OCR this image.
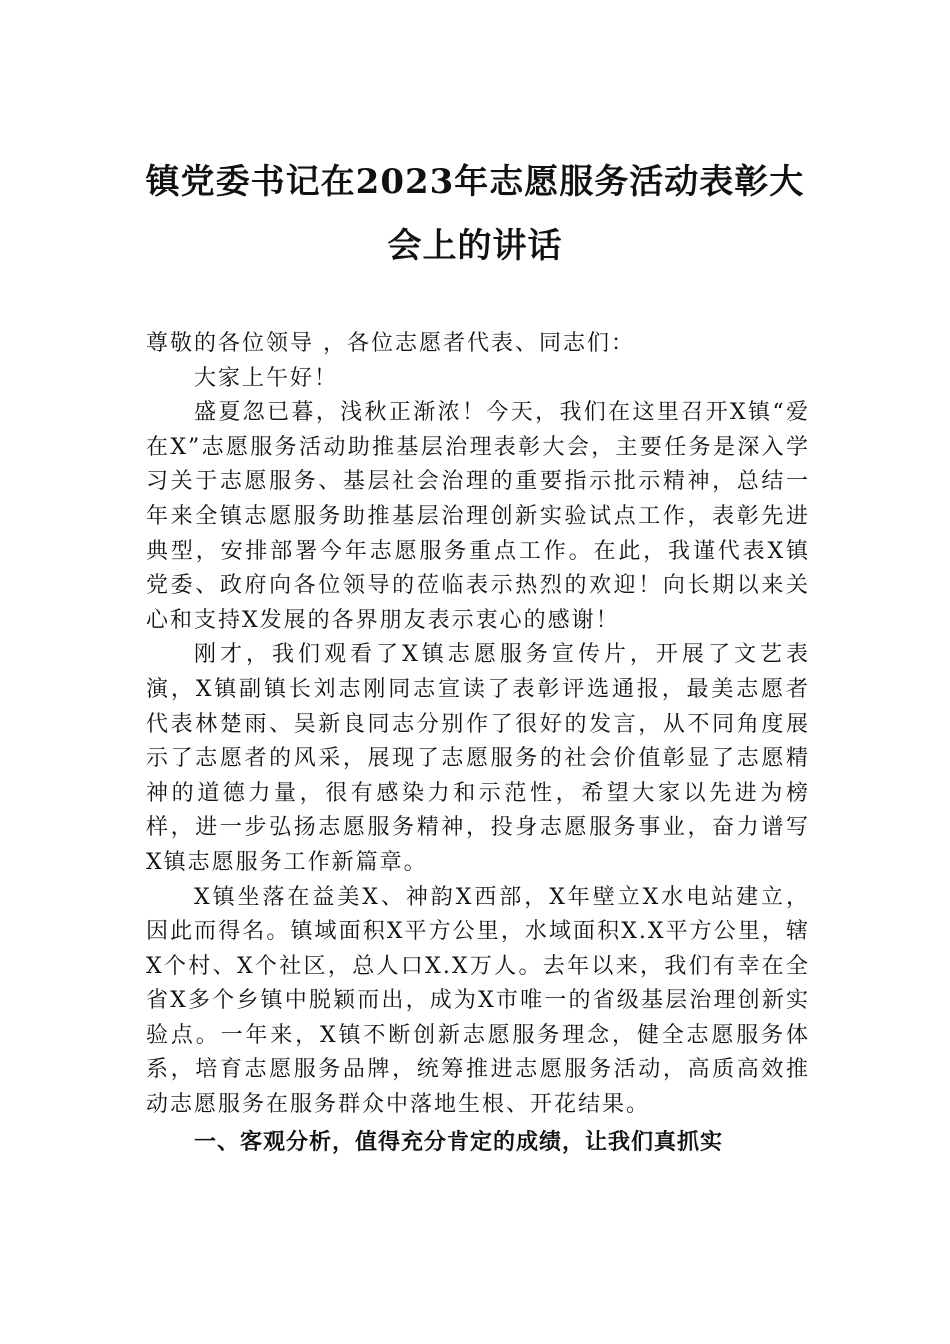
镇党委书记在2023年志愿服务活动表彰大
会上的讲话

尊敬的各位领导 ，各位志愿者代表、同志们：

大家上午好！

盛夏忽已暮，浅秋正渐浓！今天，我们在这里召开X镇“爱在X”志愿服务活动助推基层治理表彰大会，主要任务是深入学习关于志愿服务、基层社会治理的重要指示批示精神，总结一年来全镇志愿服务助推基层治理创新实验试点工作，表彰先进典型，安排部署今年志愿服务重点工作。在此，我谨代表X镇党委、政府向各位领导的莅临表示热烈的欢迎！向长期以来关心和支持X发展的各界朋友表示衷心的感谢！

刚才，我们观看了X镇志愿服务宣传片，开展了文艺表演，X镇副镇长刘志刚同志宣读了表彰评选通报，最美志愿者代表林楚雨、吴新良同志分别作了很好的发言，从不同角度展示了志愿者的风采，展现了志愿服务的社会价值彰显了志愿精神的道德力量，很有感染力和示范性，希望大家以先进为榜样，进一步弘扬志愿服务精神，投身志愿服务事业，奋力谱写X镇志愿服务工作新篇章。

X镇坐落在益美X、神韵X西部，X年壁立X水电站建立，因此而得名。镇域面积X平方公里，水域面积X.X平方公里，辖X个村、X个社区，总人口X.X万人。去年以来，我们有幸在全省X多个乡镇中脱颖而出，成为X市唯一的省级基层治理创新实验点。一年来，X镇不断创新志愿服务理念，健全志愿服务体系，培育志愿服务品牌，统筹推进志愿服务活动，高质高效推动志愿服务在服务群众中落地生根、开花结果。

一、客观分析，值得充分肯定的成绩，让我们真抓实
